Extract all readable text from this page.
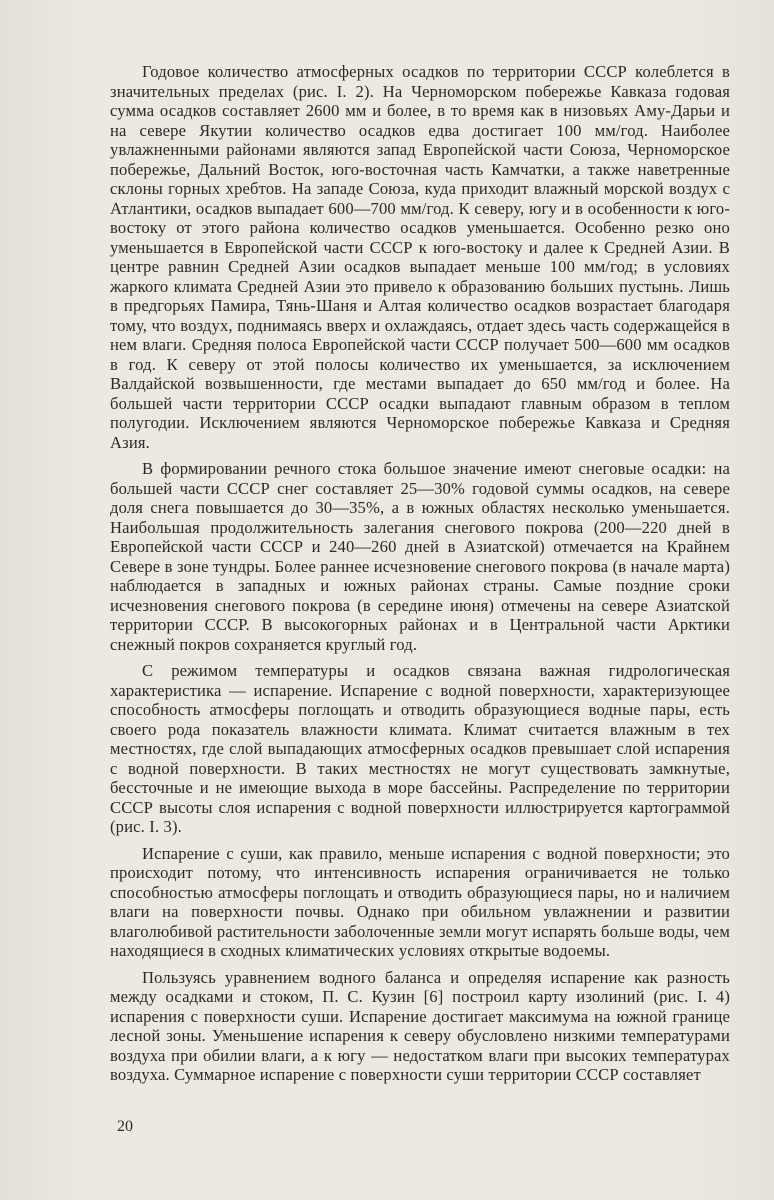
Годовое количество атмосферных осадков по территории СССР колеблется в значительных пределах (рис. I. 2). На Черноморском побережье Кавказа годовая сумма осадков составляет 2600 мм и более, в то время как в низовьях Аму-Дарьи и на севере Якутии количество осадков едва достигает 100 мм/год. Наиболее увлажненными районами являются запад Европейской части Союза, Черноморское побережье, Дальний Восток, юго-восточная часть Камчатки, а также наветренные склоны горных хребтов. На западе Союза, куда приходит влажный морской воздух с Атлантики, осадков выпадает 600—700 мм/год. К северу, югу и в особенности к юго-востоку от этого района количество осадков уменьшается. Особенно резко оно уменьшается в Европейской части СССР к юго-востоку и далее к Средней Азии. В центре равнин Средней Азии осадков выпадает меньше 100 мм/год; в условиях жаркого климата Средней Азии это привело к образованию больших пустынь. Лишь в предгорьях Памира, Тянь-Шаня и Алтая количество осадков возрастает благодаря тому, что воздух, поднимаясь вверх и охлаждаясь, отдает здесь часть содержащейся в нем влаги. Средняя полоса Европейской части СССР получает 500—600 мм осадков в год. К северу от этой полосы количество их уменьшается, за исключением Валдайской возвышенности, где местами выпадает до 650 мм/год и более. На большей части территории СССР осадки выпадают главным образом в теплом полугодии. Исключением являются Черноморское побережье Кавказа и Средняя Азия.

В формировании речного стока большое значение имеют снеговые осадки: на большей части СССР снег составляет 25—30% годовой суммы осадков, на севере доля снега повышается до 30—35%, а в южных областях несколько уменьшается. Наибольшая продолжительность залегания снегового покрова (200—220 дней в Европейской части СССР и 240—260 дней в Азиатской) отмечается на Крайнем Севере в зоне тундры. Более раннее исчезновение снегового покрова (в начале марта) наблюдается в западных и южных районах страны. Самые поздние сроки исчезновения снегового покрова (в середине июня) отмечены на севере Азиатской территории СССР. В высокогорных районах и в Центральной части Арктики снежный покров сохраняется круглый год.

С режимом температуры и осадков связана важная гидрологическая характеристика — испарение. Испарение с водной поверхности, характеризующее способность атмосферы поглощать и отводить образующиеся водные пары, есть своего рода показатель влажности климата. Климат считается влажным в тех местностях, где слой выпадающих атмосферных осадков превышает слой испарения с водной поверхности. В таких местностях не могут существовать замкнутые, бессточные и не имеющие выхода в море бассейны. Распределение по территории СССР высоты слоя испарения с водной поверхности иллюстрируется картограммой (рис. I. 3).

Испарение с суши, как правило, меньше испарения с водной поверхности; это происходит потому, что интенсивность испарения ограничивается не только способностью атмосферы поглощать и отводить образующиеся пары, но и наличием влаги на поверхности почвы. Однако при обильном увлажнении и развитии влаголюбивой растительности заболоченные земли могут испарять больше воды, чем находящиеся в сходных климатических условиях открытые водоемы.

Пользуясь уравнением водного баланса и определяя испарение как разность между осадками и стоком, П. С. Кузин [6] построил карту изолиний (рис. I. 4) испарения с поверхности суши. Испарение достигает максимума на южной границе лесной зоны. Уменьшение испарения к северу обусловлено низкими температурами воздуха при обилии влаги, а к югу — недостатком влаги при высоких температурах воздуха. Суммарное испарение с поверхности суши территории СССР составляет

20
